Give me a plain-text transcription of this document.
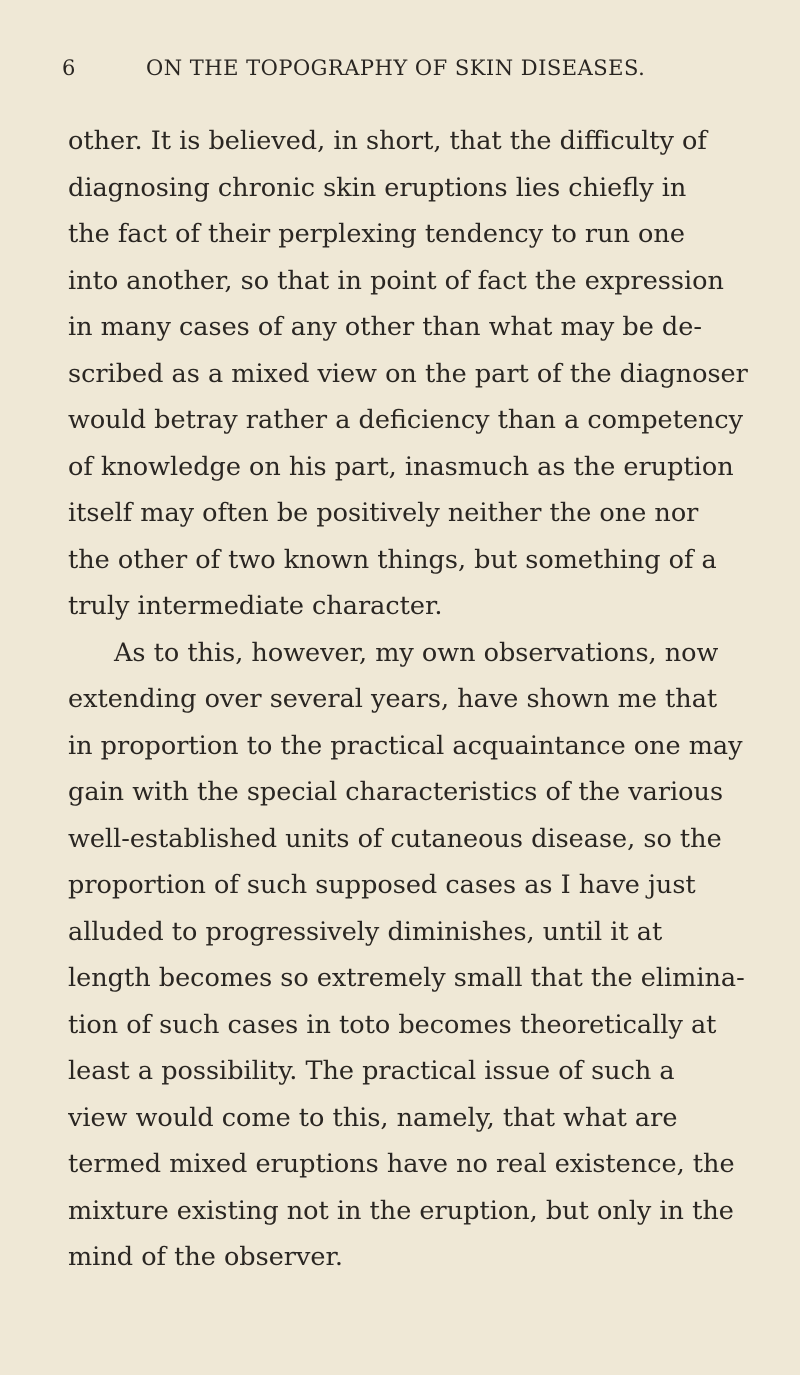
6	ON THE TOPOGRAPHY OF SKIN DISEASES.
other. It is believed, in short, that the difficulty of
diagnosing chronic skin eruptions lies chiefly in
the fact of their perplexing tendency to run one
into another, so that in point of fact the expression
in many cases of any other than what may be de-
scribed as a mixed view on the part of the diagnoser
would betray rather a deficiency than a competency
of knowledge on his part, inasmuch as the eruption
itself may often be positively neither the one nor
the other of two known things, but something of a
truly intermediate character.
As to this, however, my own observations, now
extending over several years, have shown me that
in proportion to the practical acquaintance one may
gain with the special characteristics of the various
well-established units of cutaneous disease, so the
proportion of such supposed cases as I have just
alluded to progressively diminishes, until it at
length becomes so extremely small that the elimina-
tion of such cases in toto becomes theoretically at
least a possibility. The practical issue of such a
view would come to this, namely, that what are
termed mixed eruptions have no real existence, the
mixture existing not in the eruption, but only in the
mind of the observer.
